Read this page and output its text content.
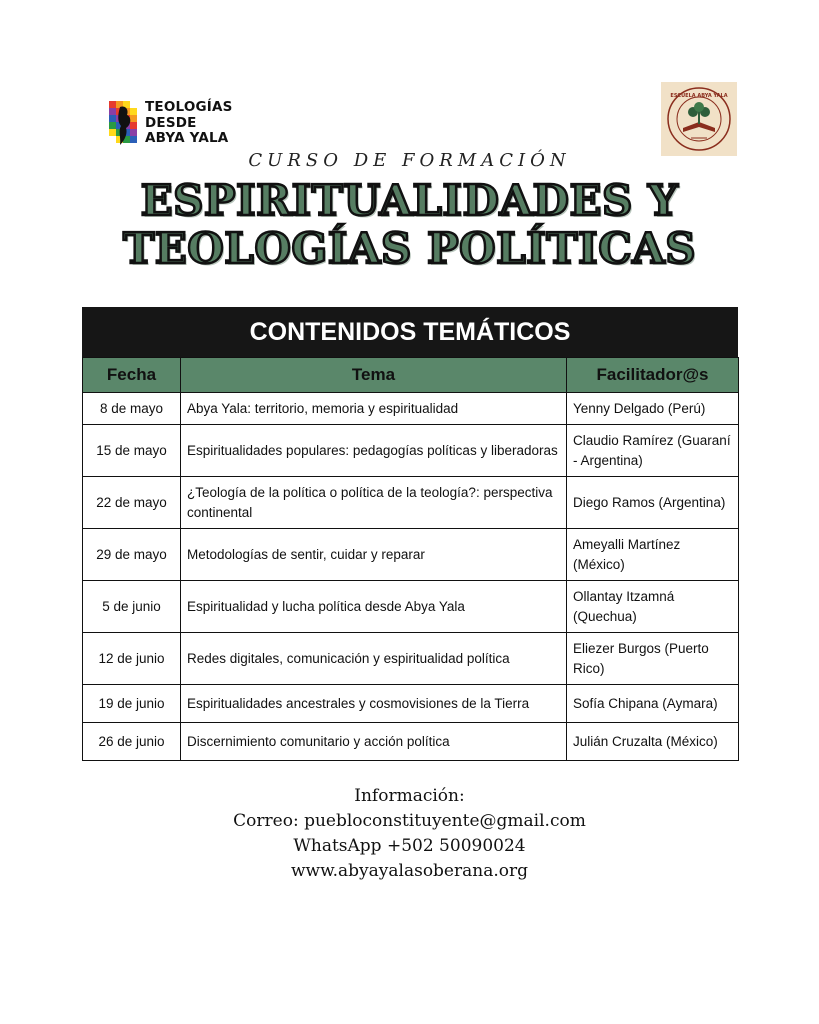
TEOLOGÍAS
DESDE
ABYA YALA
ESCUELA ABYA YALA
CURSO DE FORMACIÓN
ESPIRITUALIDADES Y
TEOLOGÍAS POLÍTICAS
CONTENIDOS TEMÁTICOS
Fecha	Tema	Facilitador@s
8 de mayo	Abya Yala: territorio, memoria y espiritualidad	Yenny Delgado (Perú)
15 de mayo	Espiritualidades populares: pedagogías políticas y liberadoras	Claudio Ramírez (Guaraní - Argentina)
22 de mayo	¿Teología de la política o política de la teología?: perspectiva continental	Diego Ramos (Argentina)
29 de mayo	Metodologías de sentir, cuidar y reparar	Ameyalli Martínez (México)
5 de junio	Espiritualidad y lucha política desde Abya Yala	Ollantay Itzamná (Quechua)
12 de junio	Redes digitales, comunicación y espiritualidad política	Eliezer Burgos (Puerto Rico)
19 de junio	Espiritualidades ancestrales y cosmovisiones de la Tierra	Sofía Chipana (Aymara)
26 de junio	Discernimiento comunitario y acción política	Julián Cruzalta (México)
Información:
Correo: puebloconstituyente@gmail.com
WhatsApp +502 50090024
www.abyayalasoberana.org
